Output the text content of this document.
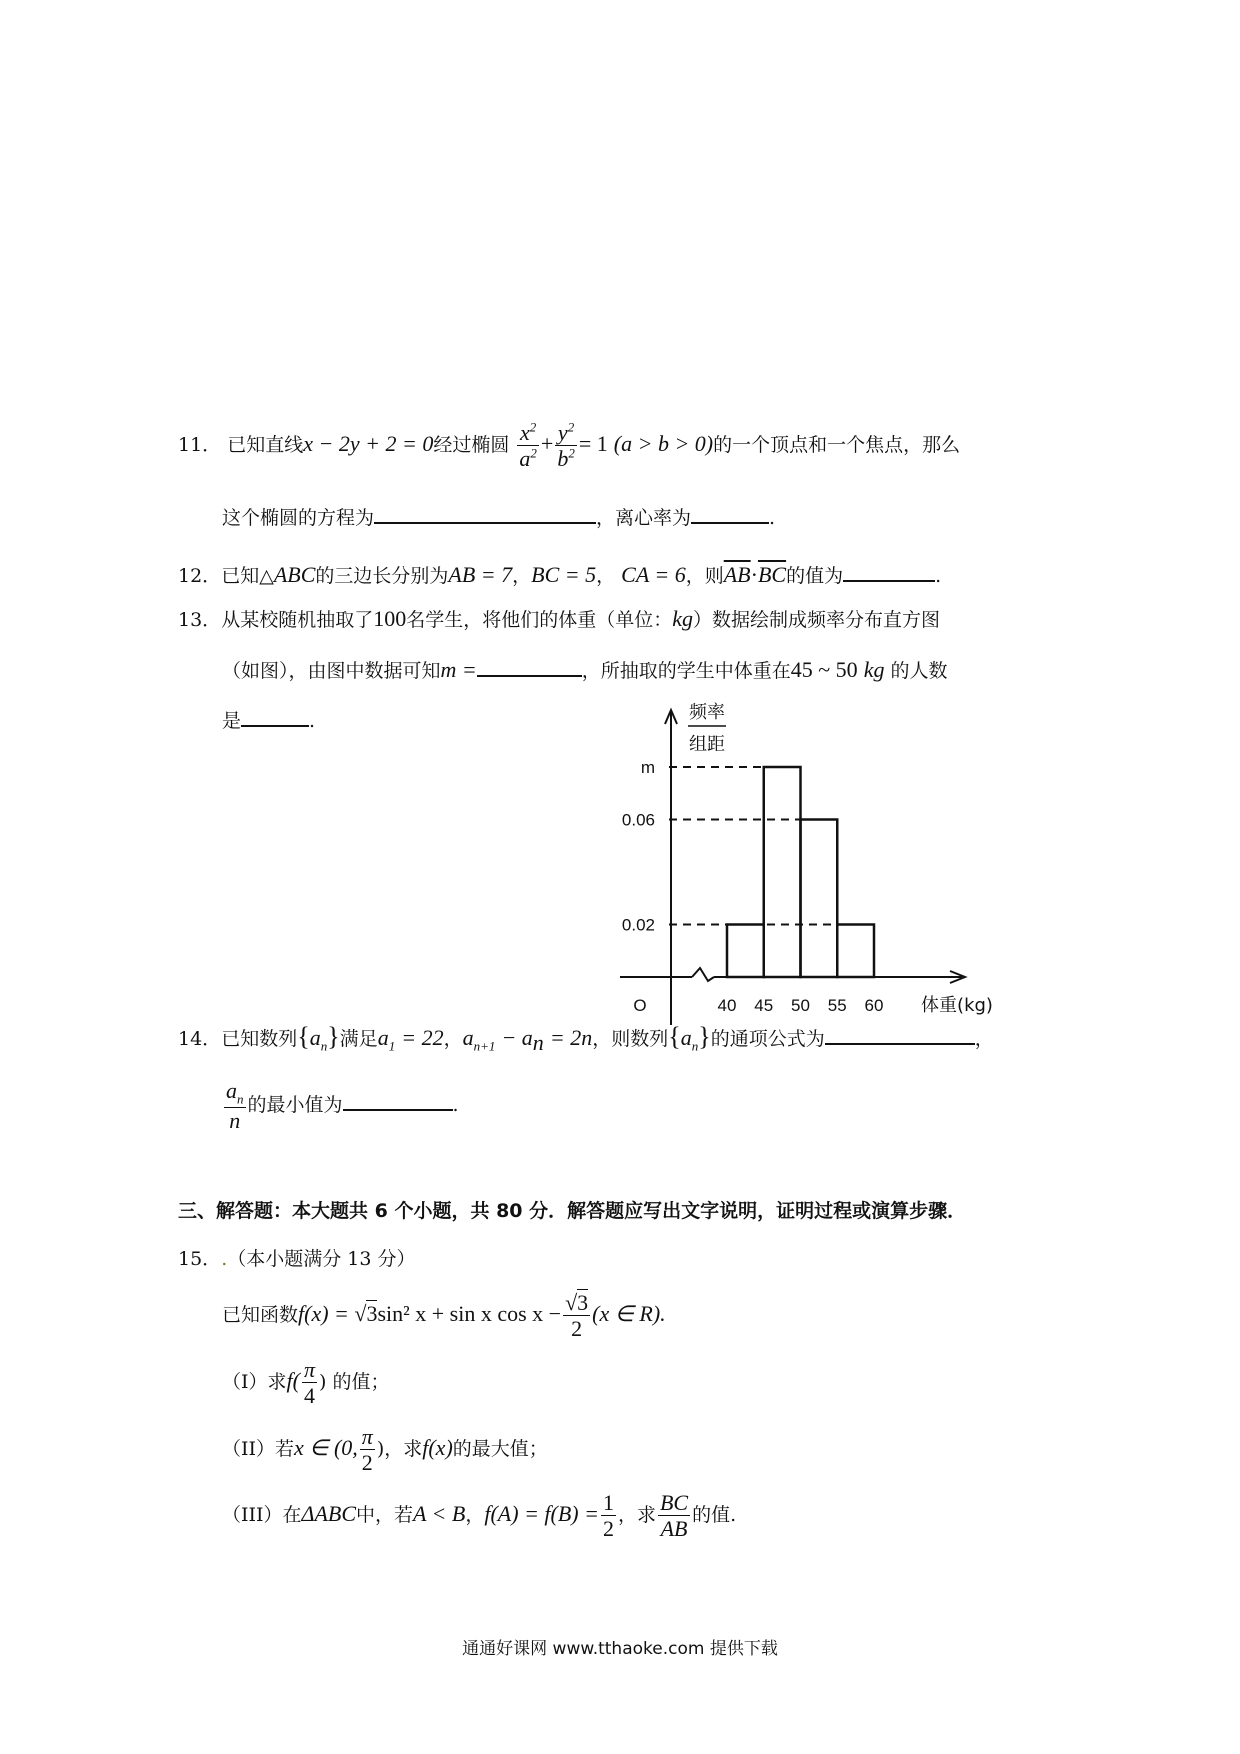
11． 已知直线x − 2y + 2 = 0经过椭圆 $\frac{x^2}{a^2} + \frac{y^2}{b^2} = 1$ (a > b > 0)的一个顶点和一个焦点，那么
这个椭圆的方程为	，离心率为	.
12．已知△ABC的三边长分别为AB = 7，BC = 5， CA = 6，则$\overline{AB}\cdot\overline{BC}$的值为	.
13．从某校随机抽取了100名学生，将他们的体重（单位：kg）数据绘制成频率分布直方图
（如图），由图中数据可知m =	，所抽取的学生中体重在45 ~ 50 kg 的人数
是	.
0.02
0.06
m
40 45 50 55 60
O	体重(kg)
频率
组距
14．已知数列$\{a_n\}$满足$a_1 = 22$，$a_{n+1} - a_n = 2n$，则数列$\{a_n\}$的通项公式为	，
$\frac{a_n}{n}$ 的最小值为	.
三、解答题：本大题共 6 个小题，共 80 分．解答题应写出文字说明，证明过程或演算步骤．
15．.（本小题满分 13 分）
已知函数f(x) = √3sin² x + sin x $\cos x - \frac{√3}{2} (x$ ∈ R).
（I）求$f( \frac{\pi}{4}$ ) 的值；
（II）若x ∈ (0, $\frac{\pi}{2}$ )，求f(x)的最大值；
（III）在ΔABC中，若A < B，$f(A) = f(B) = \frac{1}{2}$ ，求 $\frac{BC}{AB}$ 的值.
通通好课网 www.tthaoke.com 提供下载
